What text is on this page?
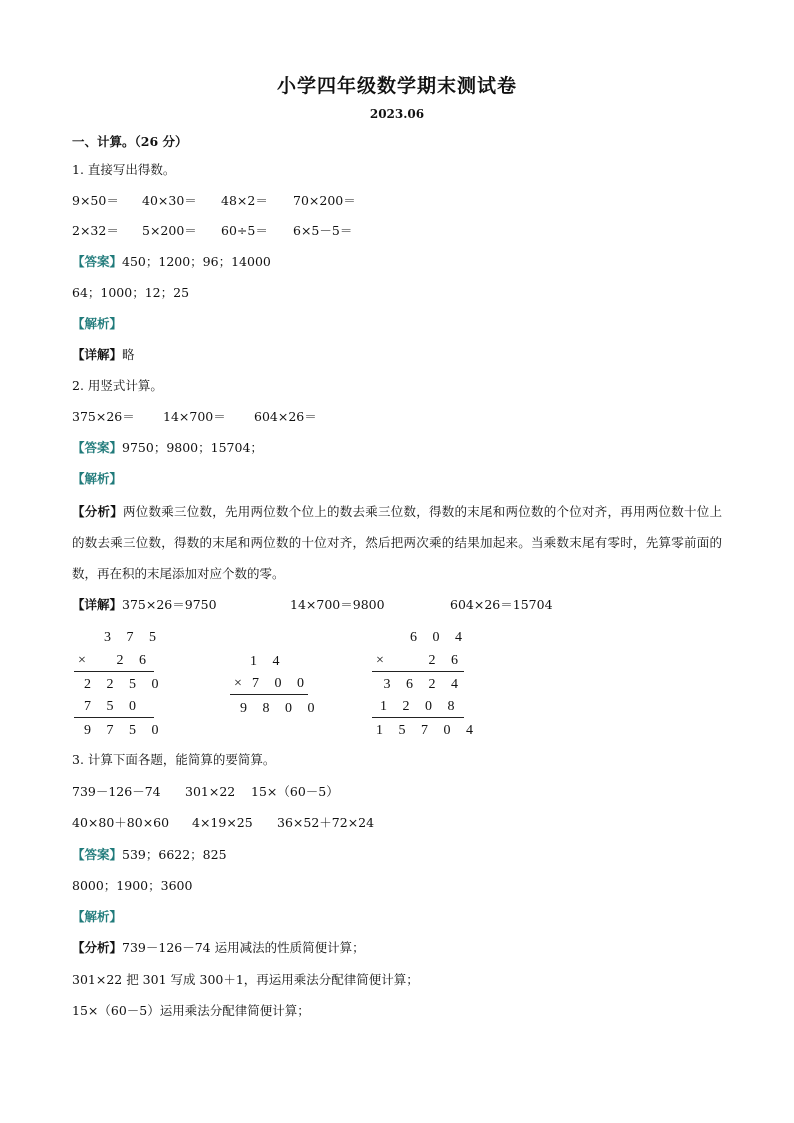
小学四年级数学期末测试卷
2023.06
一、计算。（26 分）
1. 直接写出得数。
9×50＝ 40×30＝ 48×2＝ 70×200＝
2×32＝ 5×200＝ 60÷5＝ 6×5－5＝
【答案】450；1200；96；14000
64；1000；12；25
【解析】
【详解】略
2. 用竖式计算。
375×26＝ 14×700＝ 604×26＝
【答案】9750；9800；15704；
【解析】
【分析】两位数乘三位数，先用两位数个位上的数去乘三位数，得数的末尾和两位数的个位对齐，再用两位数十位上的数去乘三位数，得数的末尾和两位数的十位对齐，然后把两次乘的结果加起来。当乘数末尾有零时，先算零前面的数，再在积的末尾添加对应个数的零。
【详解】375×26＝9750	14×700＝9800	604×26＝15704
3 7 5
×	2 6
2 2 5 0
7 5 0
9 7 5 0
1 4
× 7 0 0
9 8 0 0
6 0 4
×	2 6
3 6 2 4
1 2 0 8
1 5 7 0 4
3. 计算下面各题，能简算的要简算。
739－126－74 301×22 15×（60－5）
40×80＋80×60 4×19×25 36×52＋72×24
【答案】539；6622；825
8000；1900；3600
【解析】
【分析】739－126－74 运用减法的性质简便计算；
301×22 把 301 写成 300＋1，再运用乘法分配律简便计算；
15×（60－5）运用乘法分配律简便计算；
